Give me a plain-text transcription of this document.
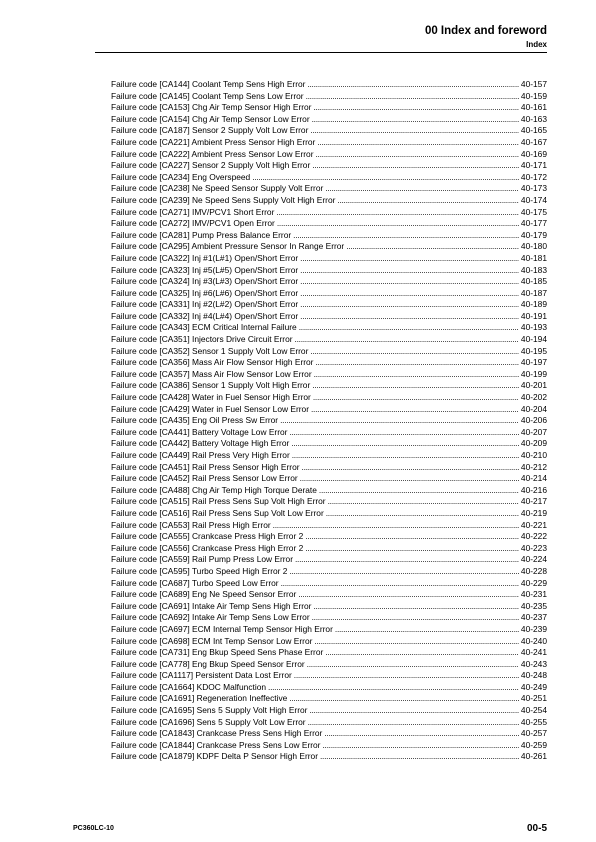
00 Index and foreword
Index
Failure code [CA144] Coolant Temp Sens High Error . . .	40-157
Failure code [CA145] Coolant Temp Sens Low Error . . .	40-159
Failure code [CA153] Chg Air Temp Sensor High Error . . .	40-161
Failure code [CA154] Chg Air Temp Sensor Low Error . . .	40-163
Failure code [CA187] Sensor 2 Supply Volt Low Error . . .	40-165
Failure code [CA221] Ambient Press Sensor High Error . . .	40-167
Failure code [CA222] Ambient Press Sensor Low Error . . .	40-169
Failure code [CA227] Sensor 2 Supply Volt High Error . . .	40-171
Failure code [CA234] Eng Overspeed . . .	40-172
Failure code [CA238] Ne Speed Sensor Supply Volt Error . . .	40-173
Failure code [CA239] Ne Speed Sens Supply Volt High Error . . .	40-174
Failure code [CA271] IMV/PCV1 Short Error . . .	40-175
Failure code [CA272] IMV/PCV1 Open Error . . .	40-177
Failure code [CA281] Pump Press Balance Error . . .	40-179
Failure code [CA295] Ambient Pressure Sensor In Range Error . . .	40-180
Failure code [CA322] Inj #1(L#1) Open/Short Error . . .	40-181
Failure code [CA323] Inj #5(L#5) Open/Short Error . . .	40-183
Failure code [CA324] Inj #3(L#3) Open/Short Error . . .	40-185
Failure code [CA325] Inj #6(L#6) Open/Short Error . . .	40-187
Failure code [CA331] Inj #2(L#2) Open/Short Error . . .	40-189
Failure code [CA332] Inj #4(L#4) Open/Short Error . . .	40-191
Failure code [CA343] ECM Critical Internal Failure . . .	40-193
Failure code [CA351] Injectors Drive Circuit Error . . .	40-194
Failure code [CA352] Sensor 1 Supply Volt Low Error . . .	40-195
Failure code [CA356] Mass Air Flow Sensor High Error . . .	40-197
Failure code [CA357] Mass Air Flow Sensor Low Error . . .	40-199
Failure code [CA386] Sensor 1 Supply Volt High Error . . .	40-201
Failure code [CA428] Water in Fuel Sensor High Error . . .	40-202
Failure code [CA429] Water in Fuel Sensor Low Error . . .	40-204
Failure code [CA435] Eng Oil Press Sw Error . . .	40-206
Failure code [CA441] Battery Voltage Low Error . . .	40-207
Failure code [CA442] Battery Voltage High Error . . .	40-209
Failure code [CA449] Rail Press Very High Error . . .	40-210
Failure code [CA451] Rail Press Sensor High Error . . .	40-212
Failure code [CA452] Rail Press Sensor Low Error . . .	40-214
Failure code [CA488] Chg Air Temp High Torque Derate . . .	40-216
Failure code [CA515] Rail Press Sens Sup Volt High Error . . .	40-217
Failure code [CA516] Rail Press Sens Sup Volt Low Error . . .	40-219
Failure code [CA553] Rail Press High Error . . .	40-221
Failure code [CA555] Crankcase Press High Error 2 . . .	40-222
Failure code [CA556] Crankcase Press High Error 2 . . .	40-223
Failure code [CA559] Rail Pump Press Low Error . . .	40-224
Failure code [CA595] Turbo Speed High Error 2 . . .	40-228
Failure code [CA687] Turbo Speed Low Error . . .	40-229
Failure code [CA689] Eng Ne Speed Sensor Error . . .	40-231
Failure code [CA691] Intake Air Temp Sens High Error . . .	40-235
Failure code [CA692] Intake Air Temp Sens Low Error . . .	40-237
Failure code [CA697] ECM Internal Temp Sensor High Error . . .	40-239
Failure code [CA698] ECM Int Temp Sensor Low Error . . .	40-240
Failure code [CA731] Eng Bkup Speed Sens Phase Error . . .	40-241
Failure code [CA778] Eng Bkup Speed Sensor Error . . .	40-243
Failure code [CA1117] Persistent Data Lost Error . . .	40-248
Failure code [CA1664] KDOC Malfunction . . .	40-249
Failure code [CA1691] Regeneration Ineffective . . .	40-251
Failure code [CA1695] Sens 5 Supply Volt High Error . . .	40-254
Failure code [CA1696] Sens 5 Supply Volt Low Error . . .	40-255
Failure code [CA1843] Crankcase Press Sens High Error . . .	40-257
Failure code [CA1844] Crankcase Press Sens Low Error . . .	40-259
Failure code [CA1879] KDPF Delta P Sensor High Error . . .	40-261
PC360LC-10	00-5
